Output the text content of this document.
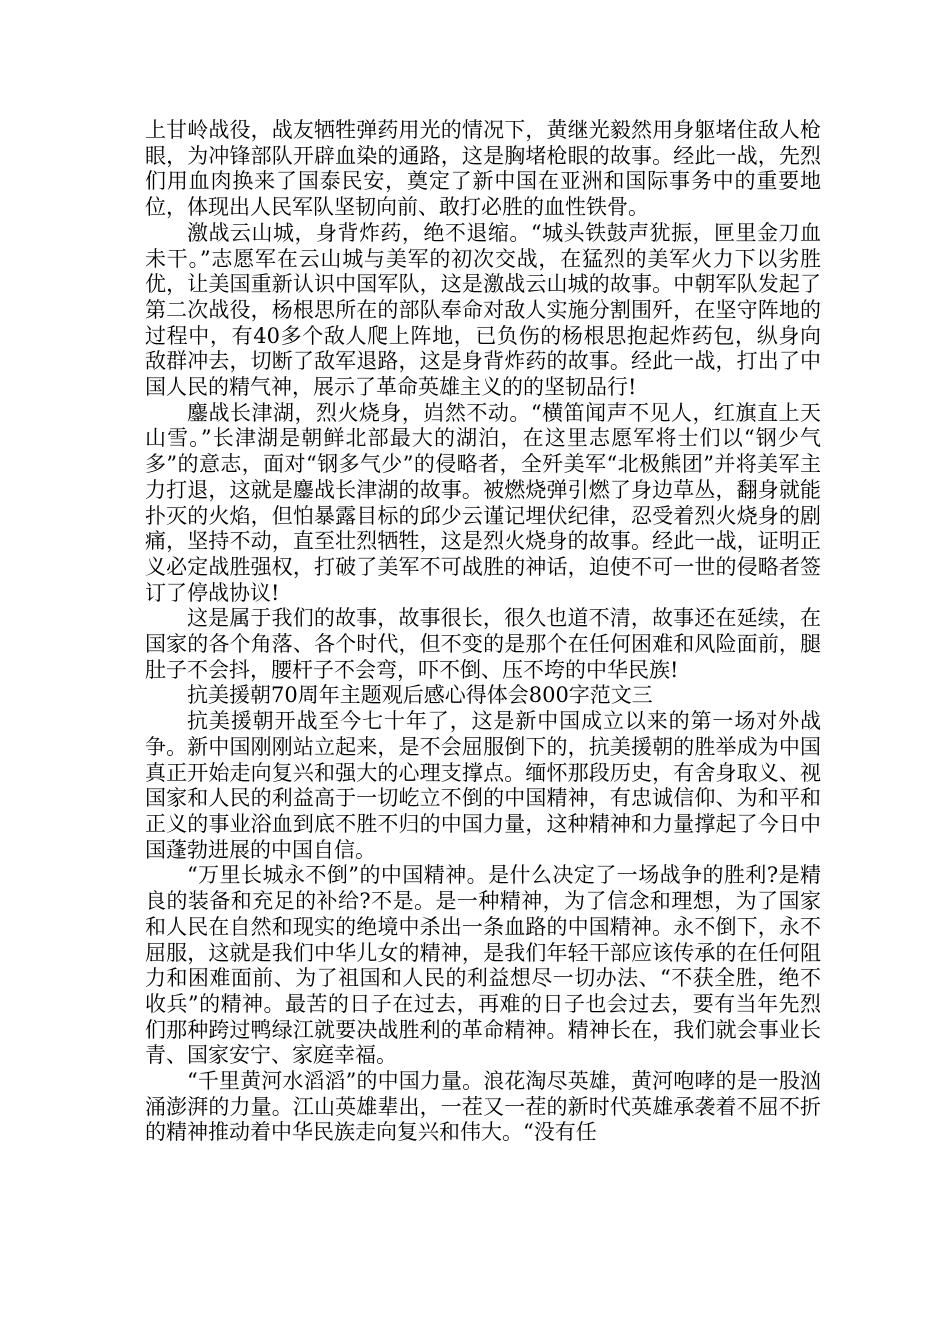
上甘岭战役，战友牺牲弹药用光的情况下，黄继光毅然用身躯堵住敌人枪眼，为冲锋部队开辟血染的通路，这是胸堵枪眼的故事。经此一战，先烈们用血肉换来了国泰民安，奠定了新中国在亚洲和国际事务中的重要地位，体现出人民军队坚韧向前、敢打必胜的血性铁骨。

激战云山城，身背炸药，绝不退缩。“城头铁鼓声犹振，匣里金刀血未干。”志愿军在云山城与美军的初次交战，在猛烈的美军火力下以劣胜优，让美国重新认识中国军队，这是激战云山城的故事。中朝军队发起了第二次战役，杨根思所在的部队奉命对敌人实施分割围歼，在坚守阵地的过程中，有40多个敌人爬上阵地，已负伤的杨根思抱起炸药包，纵身向敌群冲去，切断了敌军退路，这是身背炸药的故事。经此一战，打出了中国人民的精气神，展示了革命英雄主义的的坚韧品行!

鏖战长津湖，烈火烧身，岿然不动。“横笛闻声不见人，红旗直上天山雪。”长津湖是朝鲜北部最大的湖泊，在这里志愿军将士们以“钢少气多”的意志，面对“钢多气少”的侵略者，全歼美军“北极熊团”并将美军主力打退，这就是鏖战长津湖的故事。被燃烧弹引燃了身边草丛，翻身就能扑灭的火焰，但怕暴露目标的邱少云谨记埋伏纪律，忍受着烈火烧身的剧痛，坚持不动，直至壮烈牺牲，这是烈火烧身的故事。经此一战，证明正义必定战胜强权，打破了美军不可战胜的神话，迫使不可一世的侵略者签订了停战协议!

这是属于我们的故事，故事很长，很久也道不清，故事还在延续，在国家的各个角落、各个时代，但不变的是那个在任何困难和风险面前，腿肚子不会抖，腰杆子不会弯，吓不倒、压不垮的中华民族!

抗美援朝70周年主题观后感心得体会800字范文三

抗美援朝开战至今七十年了，这是新中国成立以来的第一场对外战争。新中国刚刚站立起来，是不会屈服倒下的，抗美援朝的胜举成为中国真正开始走向复兴和强大的心理支撑点。缅怀那段历史，有舍身取义、视国家和人民的利益高于一切屹立不倒的中国精神，有忠诚信仰、为和平和正义的事业浴血到底不胜不归的中国力量，这种精神和力量撑起了今日中国蓬勃进展的中国自信。

“万里长城永不倒”的中国精神。是什么决定了一场战争的胜利?是精良的装备和充足的补给?不是。是一种精神，为了信念和理想，为了国家和人民在自然和现实的绝境中杀出一条血路的中国精神。永不倒下，永不屈服，这就是我们中华儿女的精神，是我们年轻干部应该传承的在任何阻力和困难面前、为了祖国和人民的利益想尽一切办法、“不获全胜，绝不收兵”的精神。最苦的日子在过去，再难的日子也会过去，要有当年先烈们那种跨过鸭绿江就要决战胜利的革命精神。精神长在，我们就会事业长青、国家安宁、家庭幸福。

“千里黄河水滔滔”的中国力量。浪花淘尽英雄，黄河咆哮的是一股汹涌澎湃的力量。江山英雄辈出，一茬又一茬的新时代英雄承袭着不屈不折的精神推动着中华民族走向复兴和伟大。“没有任
